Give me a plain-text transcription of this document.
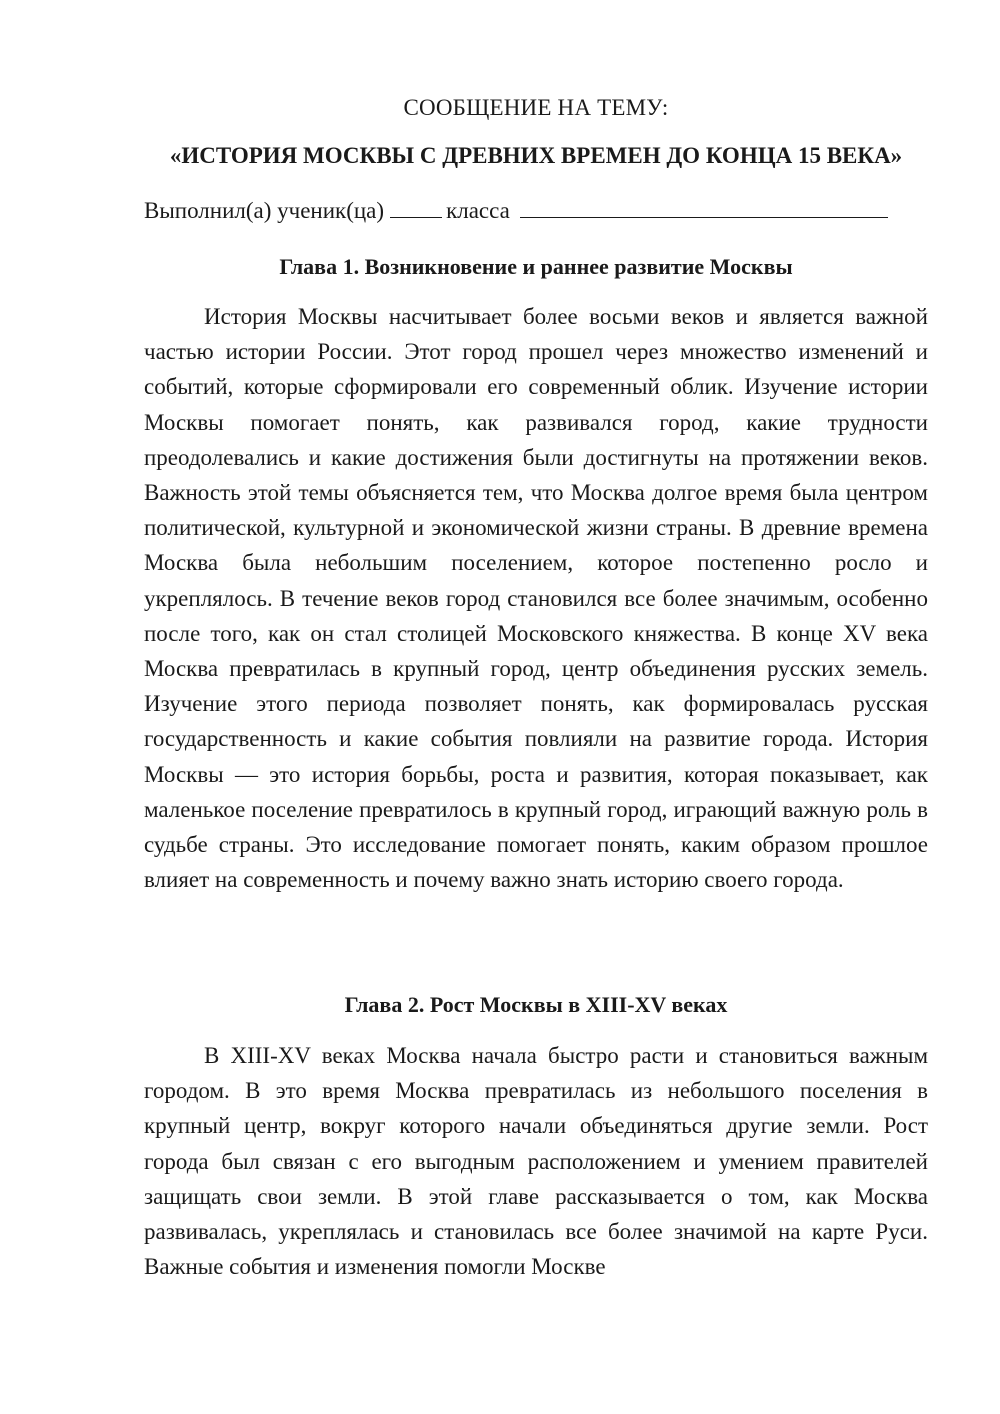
СООБЩЕНИЕ НА ТЕМУ:
«ИСТОРИЯ МОСКВЫ С ДРЕВНИХ ВРЕМЕН ДО КОНЦА 15 ВЕКА»
Выполнил(а) ученик(ца)	класса
Глава 1. Возникновение и раннее развитие Москвы

История Москвы насчитывает более восьми веков и является важной частью истории России. Этот город прошел через множество изменений и событий, которые сформировали его современный облик. Изучение истории Москвы помогает понять, как развивался город, какие трудности преодолевались и какие достижения были достигнуты на протяжении веков. Важность этой темы объясняется тем, что Москва долгое время была центром политической, культурной и экономической жизни страны. В древние времена Москва была небольшим поселением, которое постепенно росло и укреплялось. В течение веков город становился все более значимым, особенно после того, как он стал столицей Московского княжества. В конце XV века Москва превратилась в крупный город, центр объединения русских земель. Изучение этого периода позволяет понять, как формировалась русская государственность и какие события повлияли на развитие города. История Москвы — это история борьбы, роста и развития, которая показывает, как маленькое поселение превратилось в крупный город, играющий важную роль в судьбе страны. Это исследование помогает понять, каким образом прошлое влияет на современность и почему важно знать историю своего города.

Глава 2. Рост Москвы в XIII-XV веках

В XIII-XV веках Москва начала быстро расти и становиться важным городом. В это время Москва превратилась из небольшого поселения в крупный центр, вокруг которого начали объединяться другие земли. Рост города был связан с его выгодным расположением и умением правителей защищать свои земли. В этой главе рассказывается о том, как Москва развивалась, укреплялась и становилась все более значимой на карте Руси. Важные события и изменения помогли Москве
